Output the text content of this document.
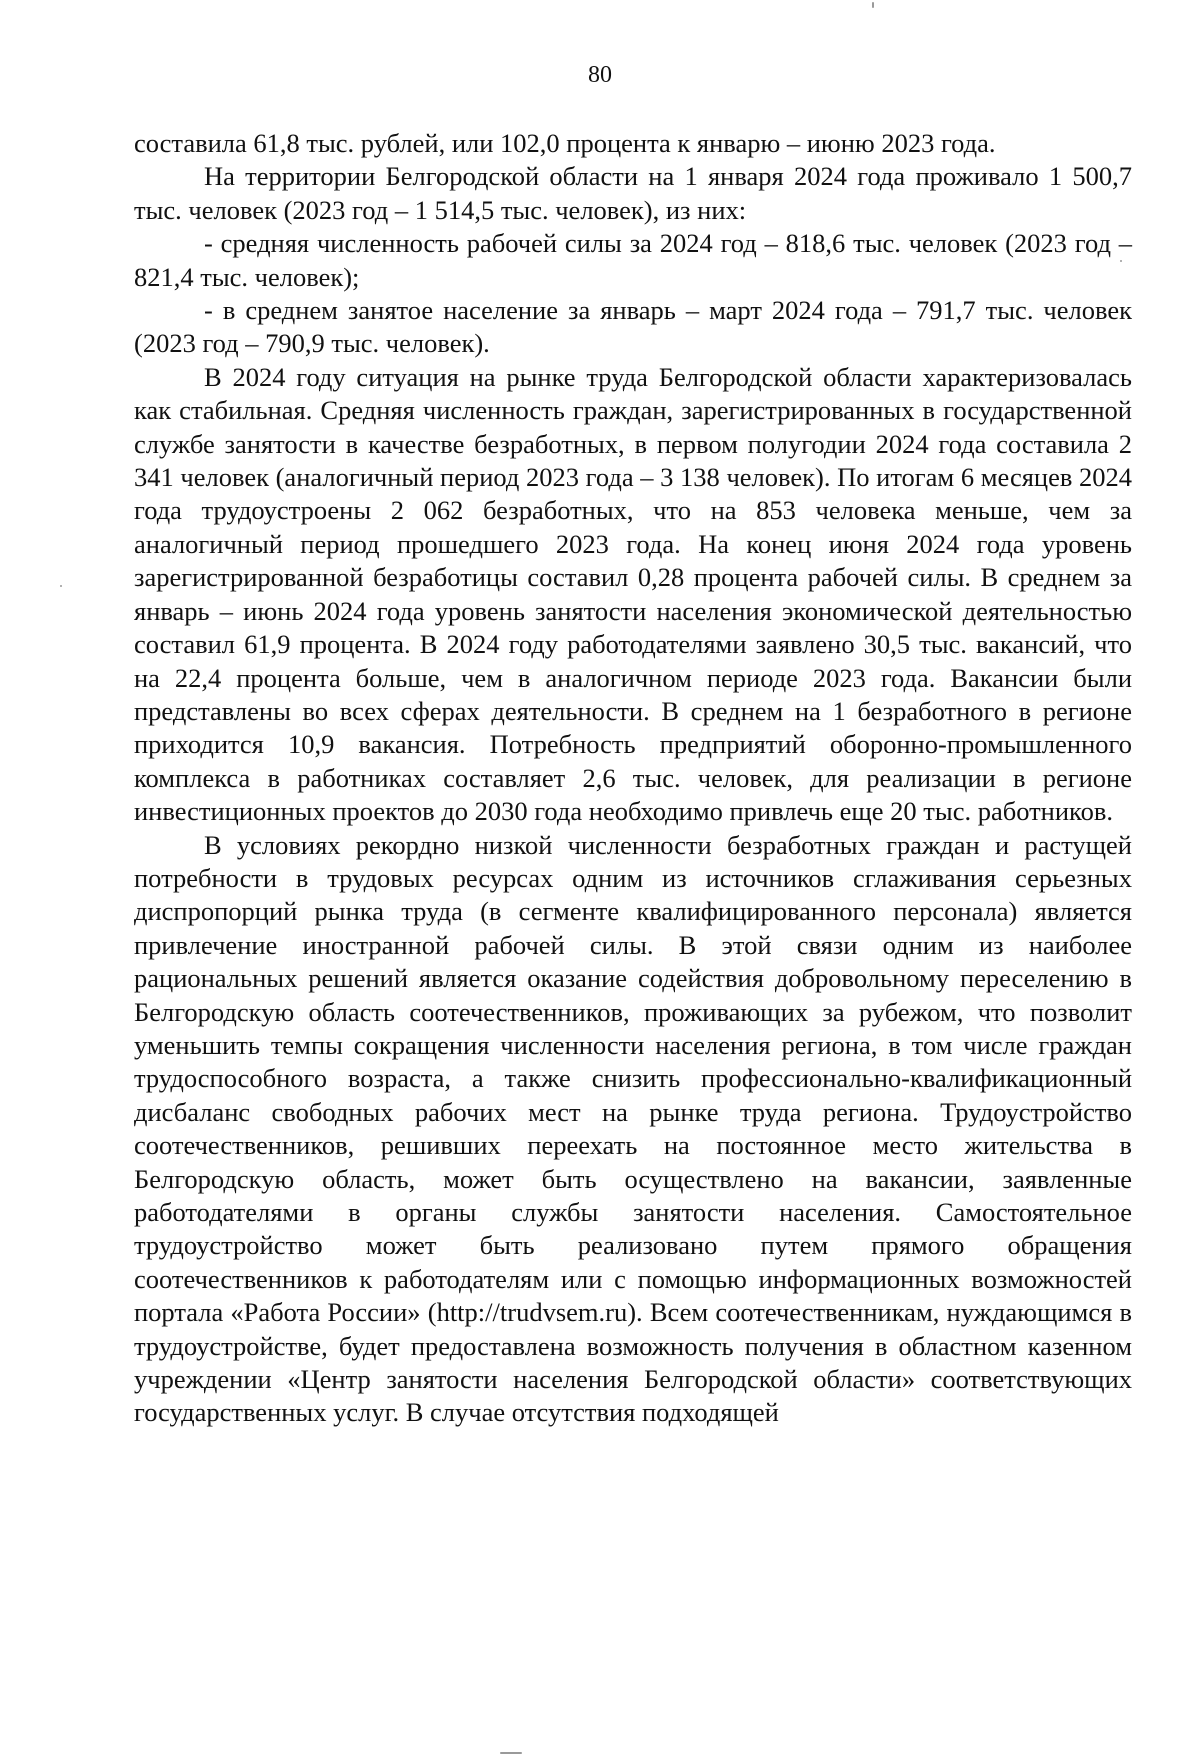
80

составила 61,8 тыс. рублей, или 102,0 процента к январю – июню 2023 года.

На территории Белгородской области на 1 января 2024 года проживало 1 500,7 тыс. человек (2023 год – 1 514,5 тыс. человек), из них:

- средняя численность рабочей силы за 2024 год – 818,6 тыс. человек (2023 год – 821,4 тыс. человек);

- в среднем занятое население за январь – март 2024 года – 791,7 тыс. человек (2023 год – 790,9 тыс. человек).

В 2024 году ситуация на рынке труда Белгородской области характеризовалась как стабильная. Средняя численность граждан, зарегистрированных в государственной службе занятости в качестве безработных, в первом полугодии 2024 года составила 2 341 человек (аналогичный период 2023 года – 3 138 человек). По итогам 6 месяцев 2024 года трудоустроены 2 062 безработных, что на 853 человека меньше, чем за аналогичный период прошедшего 2023 года. На конец июня 2024 года уровень зарегистрированной безработицы составил 0,28 процента рабочей силы. В среднем за январь – июнь 2024 года уровень занятости населения экономической деятельностью составил 61,9 процента. В 2024 году работодателями заявлено 30,5 тыс. вакансий, что на 22,4 процента больше, чем в аналогичном периоде 2023 года. Вакансии были представлены во всех сферах деятельности. В среднем на 1 безработного в регионе приходится 10,9 вакансия. Потребность предприятий оборонно-промышленного комплекса в работниках составляет 2,6 тыс. человек, для реализации в регионе инвестиционных проектов до 2030 года необходимо привлечь еще 20 тыс. работников.

В условиях рекордно низкой численности безработных граждан и растущей потребности в трудовых ресурсах одним из источников сглаживания серьезных диспропорций рынка труда (в сегменте квалифицированного персонала) является привлечение иностранной рабочей силы. В этой связи одним из наиболее рациональных решений является оказание содействия добровольному переселению в Белгородскую область соотечественников, проживающих за рубежом, что позволит уменьшить темпы сокращения численности населения региона, в том числе граждан трудоспособного возраста, а также снизить профессионально-квалификационный дисбаланс свободных рабочих мест на рынке труда региона. Трудоустройство соотечественников, решивших переехать на постоянное место жительства в Белгородскую область, может быть осуществлено на вакансии, заявленные работодателями в органы службы занятости населения. Самостоятельное трудоустройство может быть реализовано путем прямого обращения соотечественников к работодателям или с помощью информационных возможностей портала «Работа России» (http://trudvsem.ru). Всем соотечественникам, нуждающимся в трудоустройстве, будет предоставлена возможность получения в областном казенном учреждении «Центр занятости населения Белгородской области» соответствующих государственных услуг. В случае отсутствия подходящей
